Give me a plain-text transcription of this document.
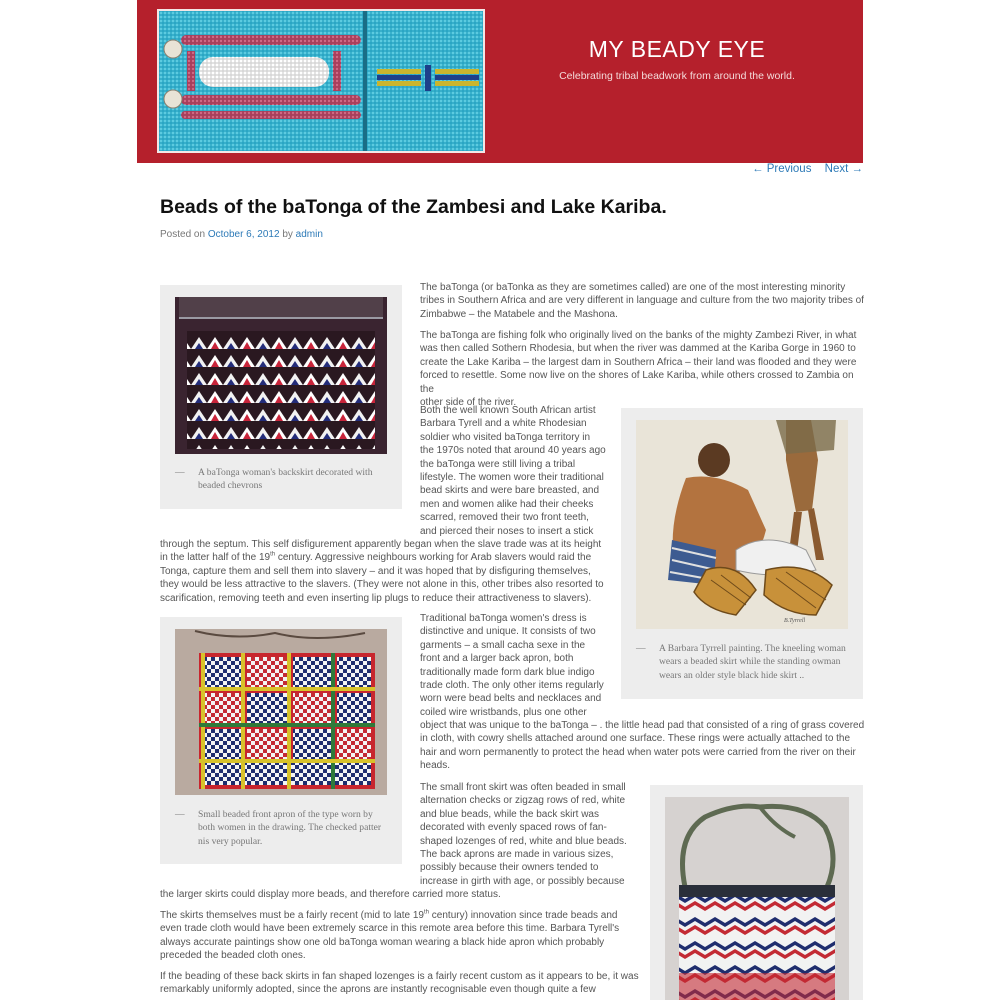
MY BEADY EYE
Celebrating tribal beadwork from around the world.
← Previous Next →
Beads of the baTonga of the Zambesi and Lake Kariba.
Posted on October 6, 2012 by admin
A baTonga woman's backskirt decorated with beaded chevrons
—
B.Tyrrell
A Barbara Tyrrell painting. The kneeling woman wears a beaded skirt while the standing owman wears an older style black hide skirt ..
—
Small beaded front apron of the type worn by both women in the drawing. The checked patter nis very popular.
—
The baTonga (or baTonka as they are sometimes called) are one of the most interesting minority
tribes in Southern Africa and are very different in language and culture from the two majority tribes of
Zimbabwe – the Matabele and the Mashona.
The baTonga are fishing folk who originally lived on the banks of the mighty Zambezi River, in what
was then called Sothern Rhodesia, but when the river was dammed at the Kariba Gorge in 1960 to
create the Lake Kariba – the largest dam in Southern Africa – their land was flooded and they were
forced to resettle. Some now live on the shores of Lake Kariba, while others crossed to Zambia on the
other side of the river.
Both the well known South African artist
Barbara Tyrell and a white Rhodesian
soldier who visited baTonga territory in
the 1970s noted that around 40 years ago
the baTonga were still living a tribal
lifestyle. The women wore their traditional
bead skirts and were bare breasted, and
men and women alike had their cheeks
scarred, removed their two front teeth,
and pierced their noses to insert a stick
through the septum. This self disfigurement apparently began when the slave trade was at its height
in the latter half of the 19th century. Aggressive neighbours working for Arab slavers would raid the
Tonga, capture them and sell them into slavery – and it was hoped that by disfiguring themselves,
they would be less attractive to the slavers. (They were not alone in this, other tribes also resorted to
scarification, removing teeth and even inserting lip plugs to reduce their attractiveness to slavers).
Traditional baTonga women's dress is
distinctive and unique. It consists of two
garments – a small cacha sexe in the
front and a larger back apron, both
traditionally made form dark blue indigo
trade cloth. The only other items regularly
worn were bead belts and necklaces and
coiled wire wristbands, plus one other
object that was unique to the baTonga – . the little head pad that consisted of a ring of grass covered
in cloth, with cowry shells attached around one surface. These rings were actually attached to the
hair and worn permanently to protect the head when water pots were carried from the river on their
heads.
The small front skirt was often beaded in small
alternation checks or zigzag rows of red, white
and blue beads, while the back skirt was
decorated with evenly spaced rows of fan-
shaped lozenges of red, white and blue beads.
The back aprons are made in various sizes,
possibly because their owners tended to
increase in girth with age, or possibly because
the larger skirts could display more beads, and therefore carried more status.
The skirts themselves must be a fairly recent (mid to late 19th century) innovation since trade beads and
even trade cloth would have been extremely scarce in this remote area before this time. Barbara Tyrell's
always accurate paintings show one old baTonga woman wearing a black hide apron which probably
preceded the beaded cloth ones.
If the beading of these back skirts in fan shaped lozenges is a fairly recent custom as it appears to be, it was
remarkably uniformly adopted, since the aprons are instantly recognisable even though quite a few
